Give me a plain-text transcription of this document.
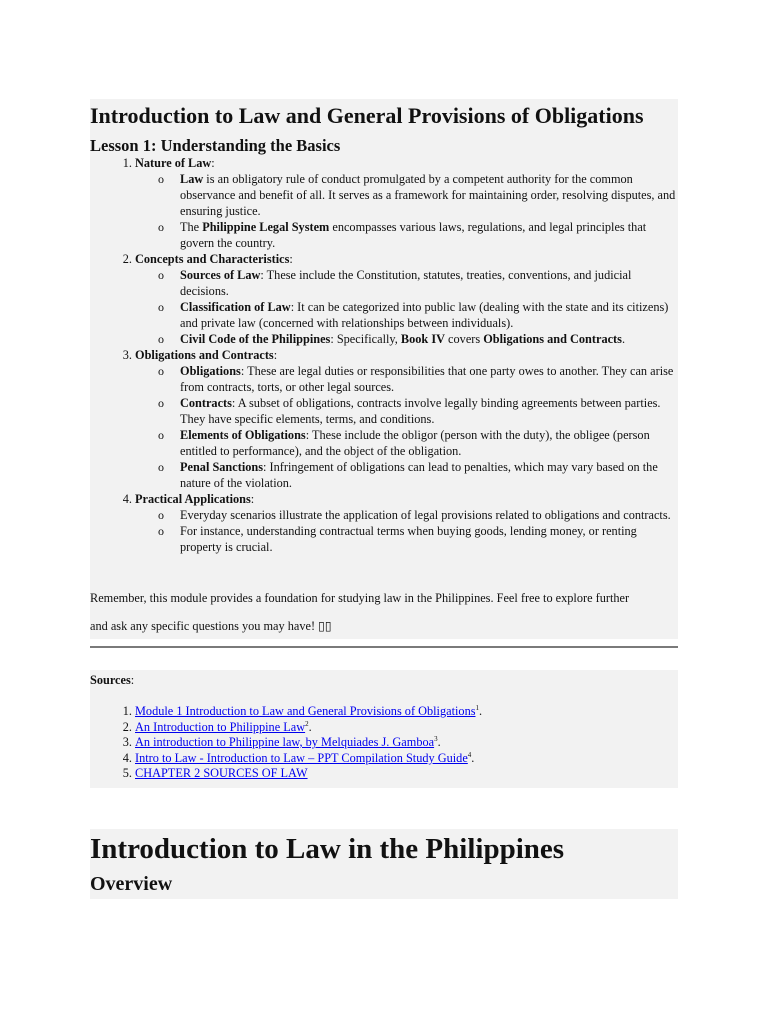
Introduction to Law and General Provisions of Obligations
Lesson 1: Understanding the Basics
1. Nature of Law:
o Law is an obligatory rule of conduct promulgated by a competent authority for the common observance and benefit of all. It serves as a framework for maintaining order, resolving disputes, and ensuring justice.
o The Philippine Legal System encompasses various laws, regulations, and legal principles that govern the country.
2. Concepts and Characteristics:
o Sources of Law: These include the Constitution, statutes, treaties, conventions, and judicial decisions.
o Classification of Law: It can be categorized into public law (dealing with the state and its citizens) and private law (concerned with relationships between individuals).
o Civil Code of the Philippines: Specifically, Book IV covers Obligations and Contracts.
3. Obligations and Contracts:
o Obligations: These are legal duties or responsibilities that one party owes to another. They can arise from contracts, torts, or other legal sources.
o Contracts: A subset of obligations, contracts involve legally binding agreements between parties. They have specific elements, terms, and conditions.
o Elements of Obligations: These include the obligor (person with the duty), the obligee (person entitled to performance), and the object of the obligation.
o Penal Sanctions: Infringement of obligations can lead to penalties, which may vary based on the nature of the violation.
4. Practical Applications:
o Everyday scenarios illustrate the application of legal provisions related to obligations and contracts.
o For instance, understanding contractual terms when buying goods, lending money, or renting property is crucial.
Remember, this module provides a foundation for studying law in the Philippines. Feel free to explore further
and ask any specific questions you may have! ▯▯
Sources:
1. Module 1 Introduction to Law and General Provisions of Obligations$^1$.
2. An Introduction to Philippine Law$^2$.
3. An introduction to Philippine law, by Melquiades J. Gamboa$^3$.
4. Intro to Law - Introduction to Law – PPT Compilation Study Guide$^4$.
5. CHAPTER 2 SOURCES OF LAW
Introduction to Law in the Philippines
Overview
